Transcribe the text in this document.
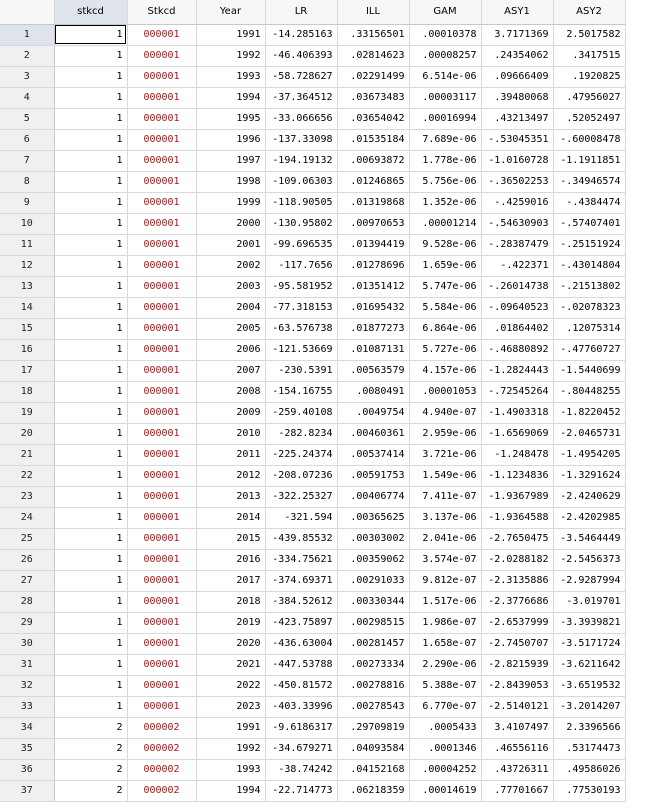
	stkcd	Stkcd	Year	LR	ILL	GAM	ASY1	ASY2
1	1	000001	1991	-14.285163	.33156501	.00010378	3.7171369	2.5017582
2	1	000001	1992	-46.406393	.02814623	.00008257	.24354062	.3417515
3	1	000001	1993	-58.728627	.02291499	6.514e-06	.09666409	.1920825
4	1	000001	1994	-37.364512	.03673483	.00003117	.39480068	.47956027
5	1	000001	1995	-33.066656	.03654042	.00016994	.43213497	.52052497
6	1	000001	1996	-137.33098	.01535184	7.689e-06	-.53045351	-.60008478
7	1	000001	1997	-194.19132	.00693872	1.778e-06	-1.0160728	-1.1911851
8	1	000001	1998	-109.06303	.01246865	5.756e-06	-.36502253	-.34946574
9	1	000001	1999	-118.90505	.01319868	1.352e-06	-.4259016	-.4384474
10	1	000001	2000	-130.95802	.00970653	.00001214	-.54630903	-.57407401
11	1	000001	2001	-99.696535	.01394419	9.528e-06	-.28387479	-.25151924
12	1	000001	2002	-117.7656	.01278696	1.659e-06	-.422371	-.43014804
13	1	000001	2003	-95.581952	.01351412	5.747e-06	-.26014738	-.21513802
14	1	000001	2004	-77.318153	.01695432	5.584e-06	-.09640523	-.02078323
15	1	000001	2005	-63.576738	.01877273	6.864e-06	.01864402	.12075314
16	1	000001	2006	-121.53669	.01087131	5.727e-06	-.46880892	-.47760727
17	1	000001	2007	-230.5391	.00563579	4.157e-06	-1.2824443	-1.5440699
18	1	000001	2008	-154.16755	.0080491	.00001053	-.72545264	-.80448255
19	1	000001	2009	-259.40108	.0049754	4.940e-07	-1.4903318	-1.8220452
20	1	000001	2010	-282.8234	.00460361	2.959e-06	-1.6569069	-2.0465731
21	1	000001	2011	-225.24374	.00537414	3.721e-06	-1.248478	-1.4954205
22	1	000001	2012	-208.07236	.00591753	1.549e-06	-1.1234836	-1.3291624
23	1	000001	2013	-322.25327	.00406774	7.411e-07	-1.9367989	-2.4240629
24	1	000001	2014	-321.594	.00365625	3.137e-06	-1.9364588	-2.4202985
25	1	000001	2015	-439.85532	.00303002	2.041e-06	-2.7650475	-3.5464449
26	1	000001	2016	-334.75621	.00359062	3.574e-07	-2.0288182	-2.5456373
27	1	000001	2017	-374.69371	.00291033	9.812e-07	-2.3135886	-2.9287994
28	1	000001	2018	-384.52612	.00330344	1.517e-06	-2.3776686	-3.019701
29	1	000001	2019	-423.75897	.00298515	1.986e-07	-2.6537999	-3.3939821
30	1	000001	2020	-436.63004	.00281457	1.658e-07	-2.7450707	-3.5171724
31	1	000001	2021	-447.53788	.00273334	2.290e-06	-2.8215939	-3.6211642
32	1	000001	2022	-450.81572	.00278816	5.388e-07	-2.8439053	-3.6519532
33	1	000001	2023	-403.33996	.00278543	6.770e-07	-2.5140121	-3.2014207
34	2	000002	1991	-9.6186317	.29709819	.0005433	3.4107497	2.3396566
35	2	000002	1992	-34.679271	.04093584	.0001346	.46556116	.53174473
36	2	000002	1993	-38.74242	.04152168	.00004252	.43726311	.49586026
37	2	000002	1994	-22.714773	.06218359	.00014619	.77701667	.77530193
